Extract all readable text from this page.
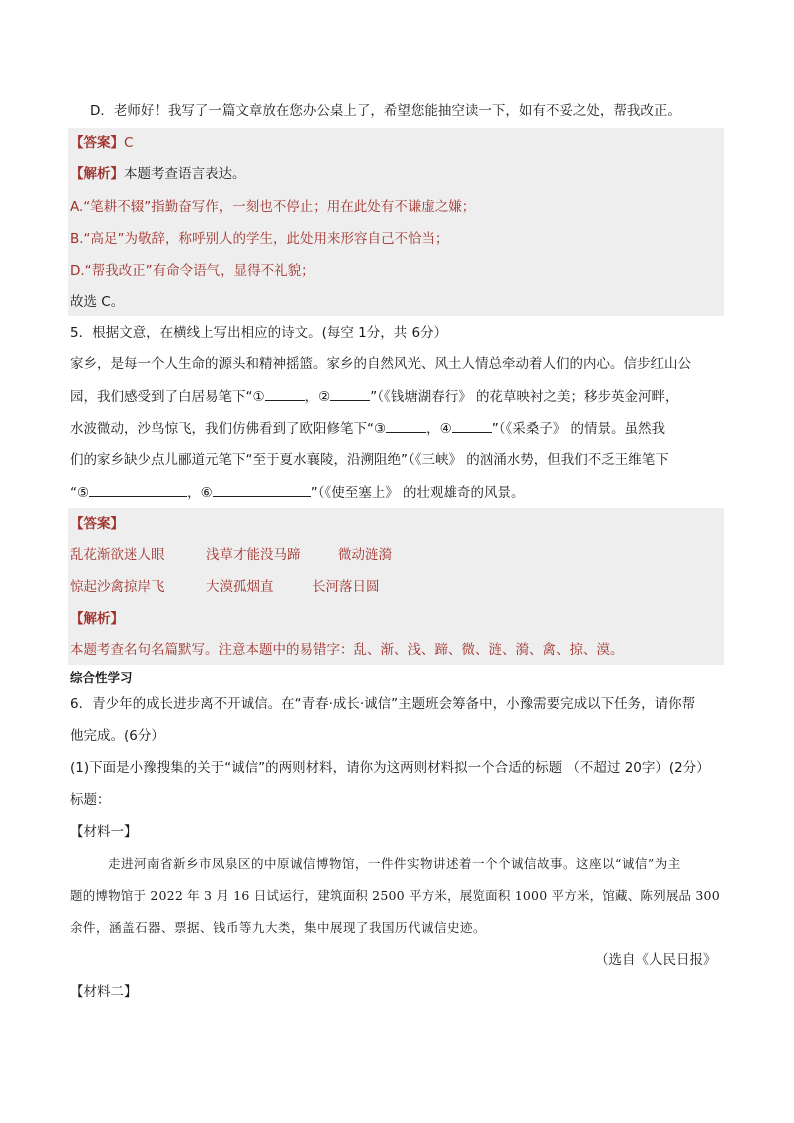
D．老师好！我写了一篇文章放在您办公桌上了，希望您能抽空读一下，如有不妥之处，帮我改正。
【答案】C
【解析】本题考查语言表达。
A.“笔耕不辍”指勤奋写作，一刻也不停止；用在此处有不谦虚之嫌；
B.“高足”为敬辞，称呼别人的学生，此处用来形容自己不恰当；
D.“帮我改正”有命令语气，显得不礼貌；
故选 C。
5．根据文意，在横线上写出相应的诗文。(每空 1分，共 6分）
家乡，是每一个人生命的源头和精神摇篮。家乡的自然风光、风土人情总牵动着人们的内心。信步红山公
园，我们感受到了白居易笔下“①	，②	”（《钱塘湖春行》 的花草映衬之美；移步英金河畔，
水波微动，沙鸟惊飞，我们仿佛看到了欧阳修笔下“③	，④	”（《采桑子》 的情景。虽然我
们的家乡缺少点儿郦道元笔下“至于夏水襄陵，沿溯阻绝”（《三峡》 的汹涌水势，但我们不乏王维笔下
“⑤	，⑥	”（《使至塞上》 的壮观雄奇的风景。
【答案】
乱花渐欲迷人眼	浅草才能没马蹄	微动涟漪
惊起沙禽掠岸飞	大漠孤烟直	长河落日圆
【解析】
本题考查名句名篇默写。注意本题中的易错字：乱、渐、浅、蹄、微、涟、漪、禽、掠、漠。
综合性学习
6．青少年的成长进步离不开诚信。在“青春·成长·诚信”主题班会筹备中，小豫需要完成以下任务，请你帮
他完成。(6分）
(1)下面是小豫搜集的关于“诚信”的两则材料，请你为这两则材料拟一个合适的标题 （不超过 20字）(2分）
标题：
【材料一】
走进河南省新乡市凤泉区的中原诚信博物馆，一件件实物讲述着一个个诚信故事。这座以“诚信”为主
题的博物馆于 2022 年 3 月 16 日试运行，建筑面积 2500 平方米，展览面积 1000 平方米，馆藏、陈列展品 300
余件，涵盖石器、票据、钱币等九大类，集中展现了我国历代诚信史迹。
（选自《人民日报》
【材料二】
